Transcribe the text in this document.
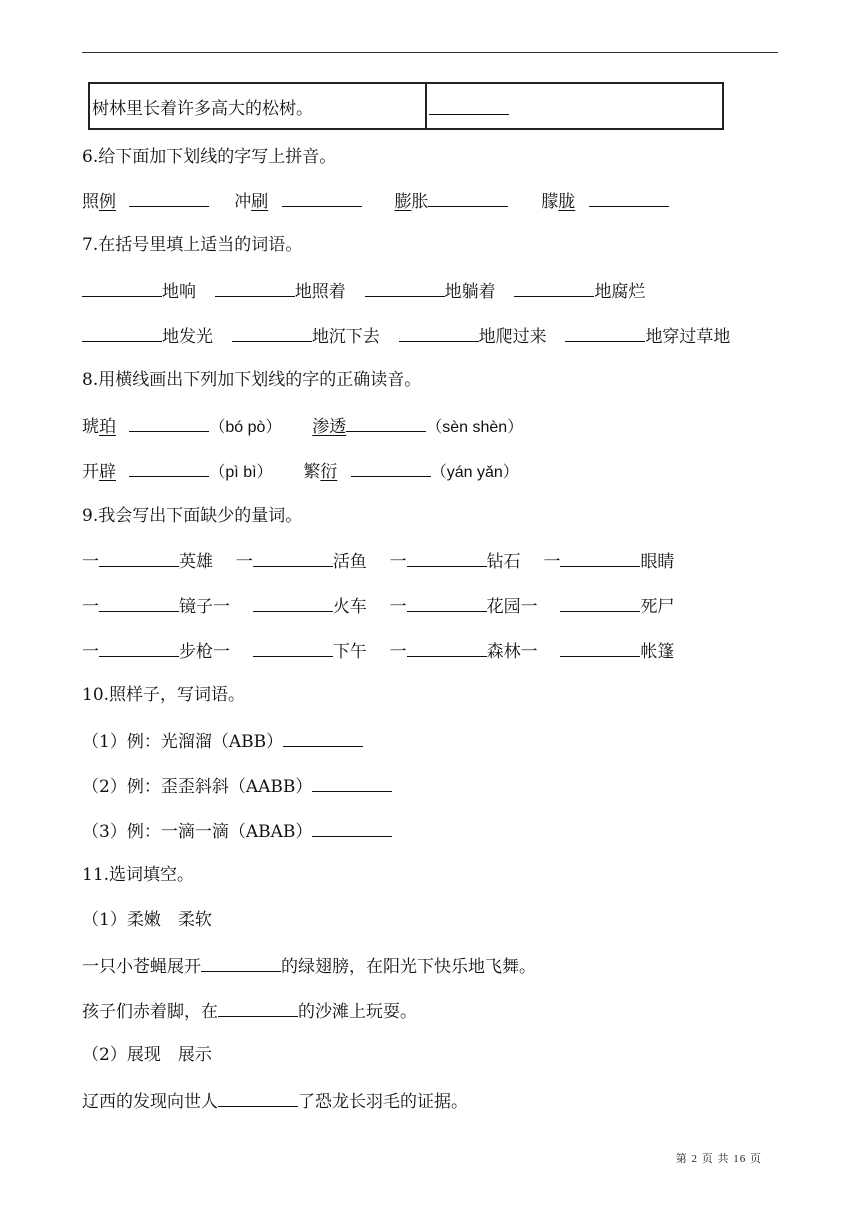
树林里长着许多高大的松树。
6.给下面加下划线的字写上拼音。
照例	冲刷	膨胀	朦胧
7.在括号里填上适当的词语。
地响	地照着	地躺着	地腐烂
地发光	地沉下去	地爬过来	地穿过草地
8.用横线画出下列加下划线的字的正确读音。
琥珀	（bó pò） 渗透	（sèn shèn）
开辟	（pì bì） 繁衍	（yán yǎn）
9.我会写出下面缺少的量词。
一	英雄 一	活鱼 一	钻石 一	眼睛
一	镜子一	火车 一	花园一	死尸
一	步枪一	下午 一	森林一	帐篷
10.照样子，写词语。
（1）例：光溜溜（ABB）
（2）例：歪歪斜斜（AABB）
（3）例：一滴一滴（ABAB）
11.选词填空。
（1）柔嫩　柔软
一只小苍蝇展开	的绿翅膀，在阳光下快乐地飞舞。
孩子们赤着脚，在	的沙滩上玩耍。
（2）展现　展示
辽西的发现向世人	了恐龙长羽毛的证据。
第 2 页 共 16 页
